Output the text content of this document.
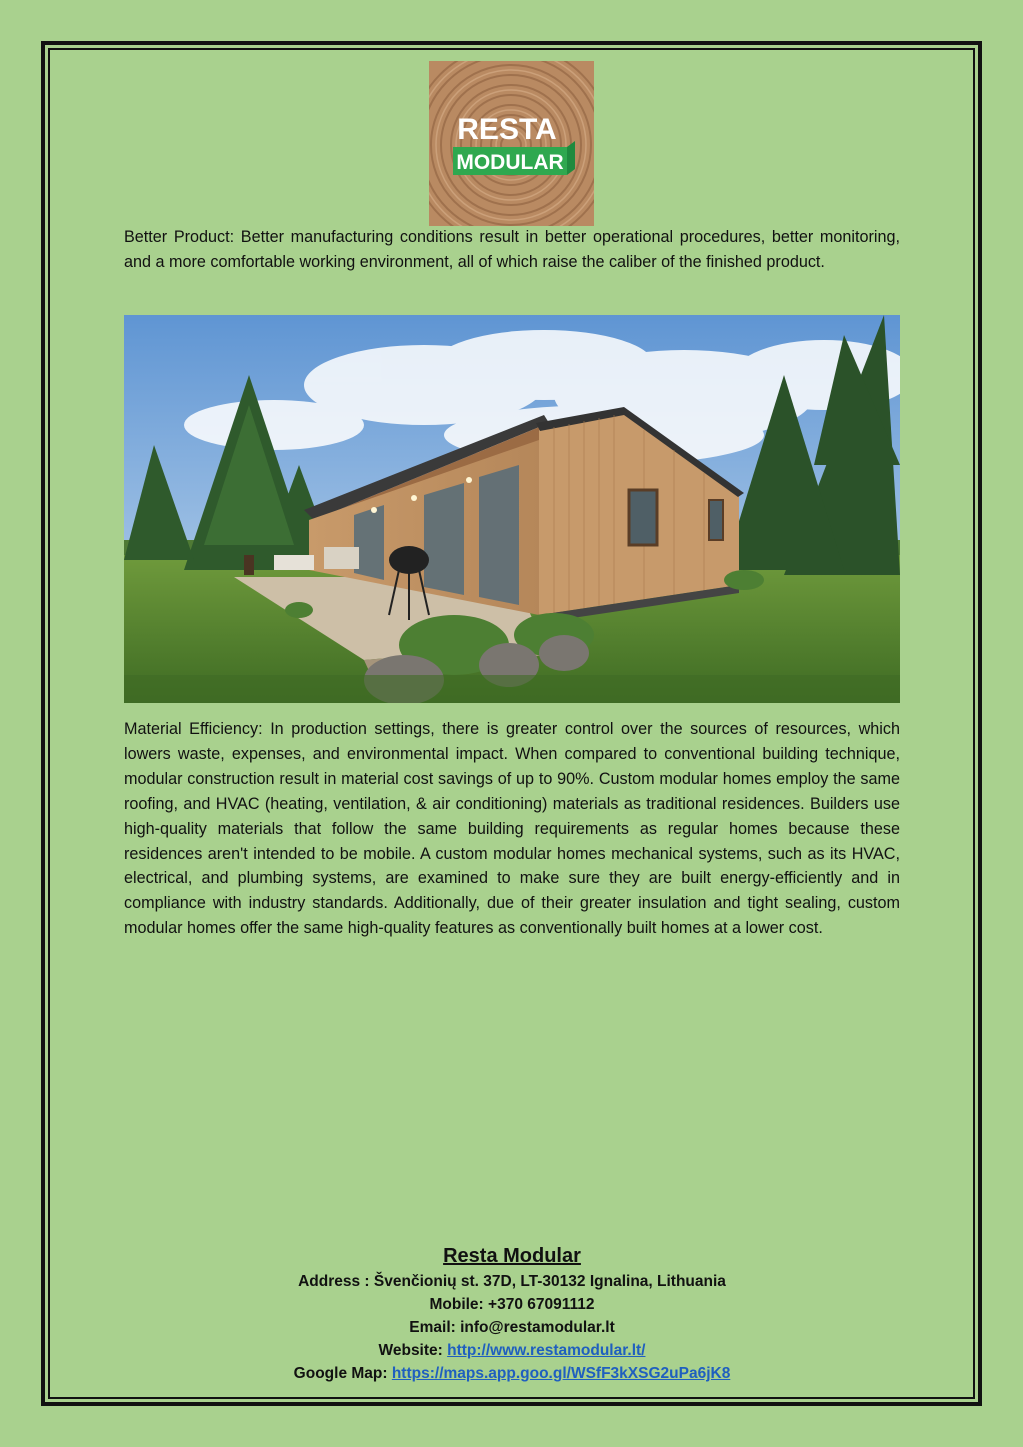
RESTA
MODULAR

Better Product: Better manufacturing conditions result in better operational procedures, better monitoring, and a more comfortable working environment, all of which raise the caliber of the finished product.

Material Efficiency: In production settings, there is greater control over the sources of resources, which lowers waste, expenses, and environmental impact. When compared to conventional building technique, modular construction result in material cost savings of up to 90%. Custom modular homes employ the same roofing, and HVAC (heating, ventilation, & air conditioning) materials as traditional residences. Builders use high-quality materials that follow the same building requirements as regular homes because these residences aren't intended to be mobile. A custom modular homes mechanical systems, such as its HVAC, electrical, and plumbing systems, are examined to make sure they are built energy-efficiently and in compliance with industry standards. Additionally, due of their greater insulation and tight sealing, custom modular homes offer the same high-quality features as conventionally built homes at a lower cost.

Resta Modular
Address : Švenčionių st. 37D, LT-30132 Ignalina, Lithuania
Mobile: +370 67091112
Email: info@restamodular.lt
Website: http://www.restamodular.lt/
Google Map: https://maps.app.goo.gl/WSfF3kXSG2uPa6jK8
